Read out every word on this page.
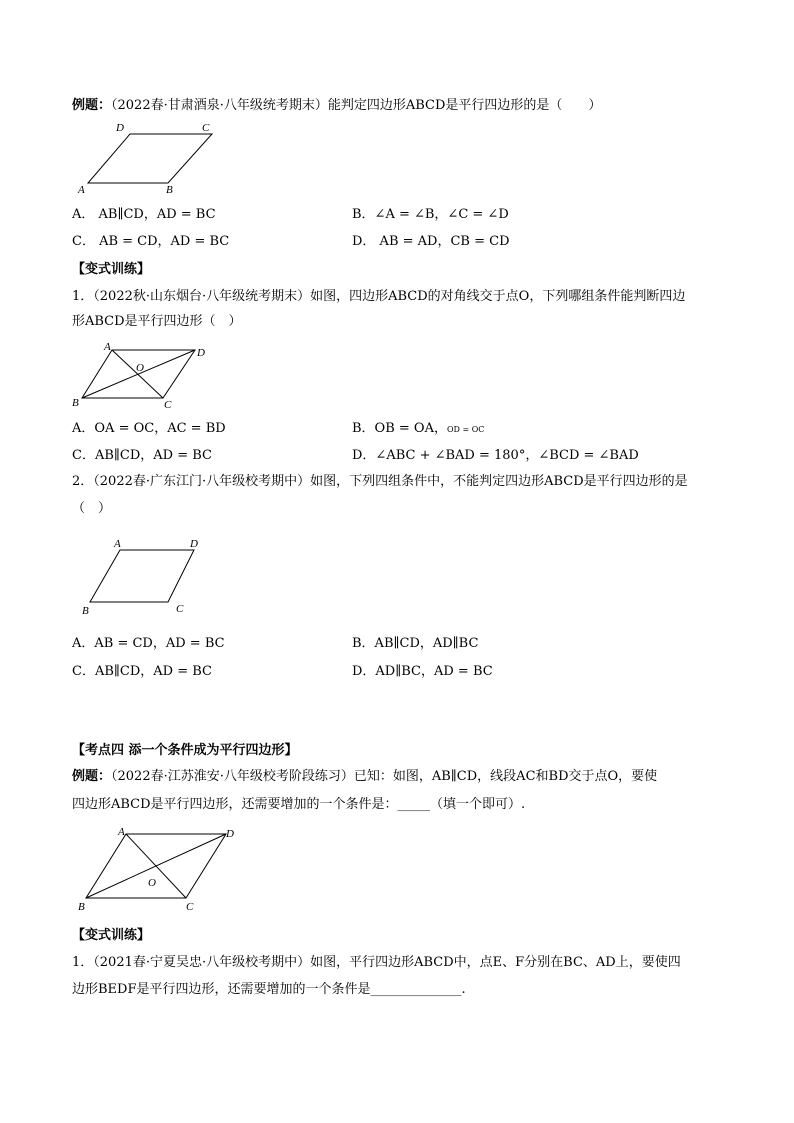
例题：（2022春·甘肃酒泉·八年级统考期末）能判定四边形ABCD是平行四边形的是（　　）
D	C
A	B
A． AB∥CD，AD = BC	B．∠A = ∠B，∠C = ∠D
C． AB = CD，AD = BC	D． AB = AD，CB = CD
【变式训练】
1．（2022秋·山东烟台·八年级统考期末）如图，四边形ABCD的对角线交于点O，下列哪组条件能判断四边
形ABCD是平行四边形（　）
A	D
O
B	C
A．OA = OC，AC = BD	B．OB = OA，OD = OC
C．AB∥CD，AD = BC	D．∠ABC + ∠BAD = 180°，∠BCD = ∠BAD
2．（2022春·广东江门·八年级校考期中）如图，下列四组条件中，不能判定四边形ABCD是平行四边形的是
（　）
A	D
B	C
A．AB = CD，AD = BC	B．AB∥CD，AD∥BC
C．AB∥CD，AD = BC	D．AD∥BC，AD = BC
【考点四 添一个条件成为平行四边形】
例题：（2022春·江苏淮安·八年级校考阶段练习）已知：如图，AB∥CD，线段AC和BD交于点O，要使
四边形ABCD是平行四边形，还需要增加的一个条件是：_____（填一个即可）.
A	D
O
B	C
【变式训练】
1．（2021春·宁夏吴忠·八年级校考期中）如图，平行四边形ABCD中，点E、F分别在BC、AD上，要使四
边形BEDF是平行四边形，还需要增加的一个条件是______________.
